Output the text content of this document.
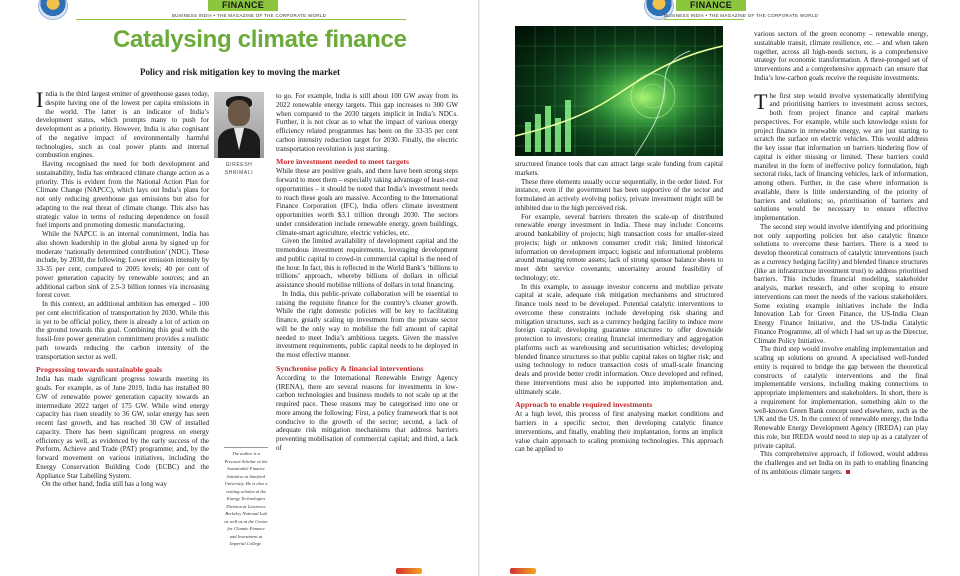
FINANCE
BUSINESS INDIA • THE MAGAZINE OF THE CORPORATE WORLD
Catalysing climate finance
Policy and risk mitigation key to moving the market

India is the third largest emitter of greenhouse gases today, despite having one of the lowest per capita emissions in the world. The latter is an indicator of India’s development status, which prompts many to push for development as a priority. However, India is also cognisant of the negative impact of environmentally harmful technologies, such as coal power plants and internal combustion engines.

Having recognised the need for both development and sustainability, India has embraced climate change action as a priority. This is evident from the National Action Plan for Climate Change (NAPCC), which lays out India’s plans for not only reducing greenhouse gas emissions but also for adapting to the real threat of climate change. This also has strategic value in terms of reducing dependence on fossil fuel imports and promoting domestic manufacturing.

While the NAPCC is an internal commitment, India has also shown leadership in the global arena by signed up for moderate ‘nationally determined contribution’ (NDC). These include, by 2030, the following: Lower emission intensity by 33-35 per cent, compared to 2005 levels; 40 per cent of power generation capacity by renewable sources; and an additional carbon sink of 2.5-3 billion tonnes via increasing forest cover.

In this context, an additional ambition has emerged – 100 per cent electrification of transportation by 2030. While this is yet to be official policy, there is already a lot of action on the ground towards this goal. Combining this goal with the fossil-free power generation commitment provides a realistic path towards reducing the carbon intensity of the transportation sector as well.

Progressing towards sustainable goals

India has made significant progress towards meeting its goals. For example, as of June 2019, India has installed 80 GW of renewable power generation capacity towards an intermediate 2022 target of 175 GW. While wind energy capacity has risen steadily to 36 GW, solar energy has seen recent fast growth, and has reached 30 GW of installed capacity. There has been significant progress on energy efficiency as well, as evidenced by the early success of the Perform, Achieve and Trade (PAT) programme; and, by the forward movement on various initiatives, including the Energy Conservation Building Code (ECBC) and the Appliance Star Labelling System.

On the other hand, India still has a long way

GIREESH
SHRIMALI
The author is a Precourt Scholar at the Sustainable Finance Initiative at Stanford University. He is also a visiting scholar at the Energy Technologies Division at Lawrence Berkeley National Lab as well as at the Center for Climate Finance and Investment at Imperial College.

to go. For example, India is still about 100 GW away from its 2022 renewable energy targets. This gap increases to 300 GW when compared to the 2030 targets implicit in India’s NDCs. Further, it is not clear as to what the impact of various energy efficiency related programmes has been on the 33-35 per cent carbon intensity reduction target for 2030. Finally, the electric transportation revolution is just starting.

More investment needed to meet targets

While these are positive goals, and there have been strong steps forward to meet them – especially taking advantage of least-cost opportunities – it should be noted that India’s investment needs to reach these goals are massive. According to the International Finance Corporation (IFC), India offers climate investment opportunities worth $3.1 trillion through 2030. The sectors under consideration include renewable energy, green buildings, climate-smart agriculture, electric vehicles, etc.

Given the limited availability of development capital and the tremendous investment requirements, leveraging development and public capital to crowd-in commercial capital is the need of the hour. In fact, this is reflected in the World Bank’s ‘billions to trillions’ approach, whereby billions of dollars in official assistance should mobilise trillions of dollars in total financing.

In India, this public-private collaboration will be essential to raising the requisite finance for the country’s cleaner growth. While the right domestic policies will be key to facilitating finance, greatly scaling up investment from the private sector will be the only way to mobilise the full amount of capital needed to meet India’s ambitious targets. Given the massive investment requirements, public capital needs to be deployed in the most effective manner.

Synchronise policy & financial interventions

According to the International Renewable Energy Agency (IRENA), there are several reasons for investments in low-carbon technologies and business models to not scale up at the required pace. These reasons may be categorised into one or more among the following: First, a policy framework that is not conducive to the growth of the sector; second, a lack of adequate risk mitigation mechanisms that address barriers preventing mobilisation of commercial capital; and third, a lack of

FINANCE
BUSINESS INDIA • THE MAGAZINE OF THE CORPORATE WORLD

structured finance tools that can attract large scale funding from capital markets.

These three elements usually occur sequentially, in the order listed. For instance, even if the government has been supportive of the sector and formulated an actively evolving policy, private investment might still be inhibited due to the high perceived risk.

For example, several barriers threaten the scale-up of distributed renewable energy investment in India. These may include: Concerns around bankability of projects; high transaction costs for smaller-sized projects; high or unknown consumer credit risk; limited historical information on development impact; logistic and informational problems around managing remote assets; lack of strong sponsor balance sheets to meet debt service covenants; uncertainty around feasibility of technology; etc.

In this example, to assuage investor concerns and mobilize private capital at scale, adequate risk mitigation mechanisms and structured finance tools need to be developed. Potential catalytic interventions to overcome these constraints include developing risk sharing and mitigation structures, such as a currency hedging facility to induce more foreign capital; developing guarantee structures to offer downside protection to investors; creating financial intermediary and aggregation platforms such as warehousing and securitisation vehicles; developing blended finance structures so that public capital takes on higher risk; and using technology to reduce transaction costs of small-scale financing deals and provide better credit information. Once developed and refined, these interventions must also be supported into implementation and, ultimately scale.

Approach to enable required investments

At a high level, this process of first analysing market conditions and barriers in a specific sector, then developing catalytic finance interventions, and finally, enabling their implantation, forms an implicit value chain approach to scaling promising technologies. This approach can be applied to

various sectors of the green economy – renewable energy, sustainable transit, climate resilience, etc. – and when taken together, across all high-needs sectors, is a comprehensive strategy for economic transformation. A three-pronged set of interventions and a comprehensive approach can ensure that India’s low-carbon goals receive the requisite investments.

The first step would involve systematically identifying and prioritising barriers to investment across sectors, both from project finance and capital markets perspectives. For example, while such knowledge exists for project finance in renewable energy, we are just starting to scratch the surface on electric vehicles. This would address the key issue that information on barriers hindering flow of capital is either missing or limited. These barriers could manifest in the form of ineffective policy formulation, high sectoral risks, lack of financing vehicles, lack of information, among others. Further, in the case where information is available, there is little understanding of the priority of barriers and solutions; so, prioritisation of barriers and solutions would be necessary to ensure effective implementation.

The second step would involve identifying and prioritising not only supporting policies but also catalytic finance solutions to overcome these barriers. There is a need to develop theoretical constructs of catalytic interventions (such as a currency hedging facility) and blended finance structures (like an infrastructure investment trust) to address prioritised barriers. This includes financial modeling, stakeholder analysis, market research, and other scoping to ensure interventions can meet the needs of the various stakeholders. Some existing example initiatives include the India Innovation Lab for Green Finance, the US-India Clean Energy Finance Initiative, and the US-India Catalytic Finance Programme, all of which I had set up as the Director, Climate Policy Initiative.

The third step would involve enabling implementation and scaling up solutions on ground. A specialised well-funded entity is required to bridge the gap between the theoretical constructs of catalytic interventions and the final implementable versions, including making connections to appropriate implementers and stakeholders. In short, there is a requirement for implementation, something akin to the well-known Green Bank concept used elsewhere, such as the UK and the US. In the context of renewable energy, the India Renewable Energy Development Agency (IREDA) can play this role, but IREDA would need to step up as a catalyzer of private capital.

This comprehensive approach, if followed, would address the challenges and set India on its path to enabling financing of its ambitious climate targets.
